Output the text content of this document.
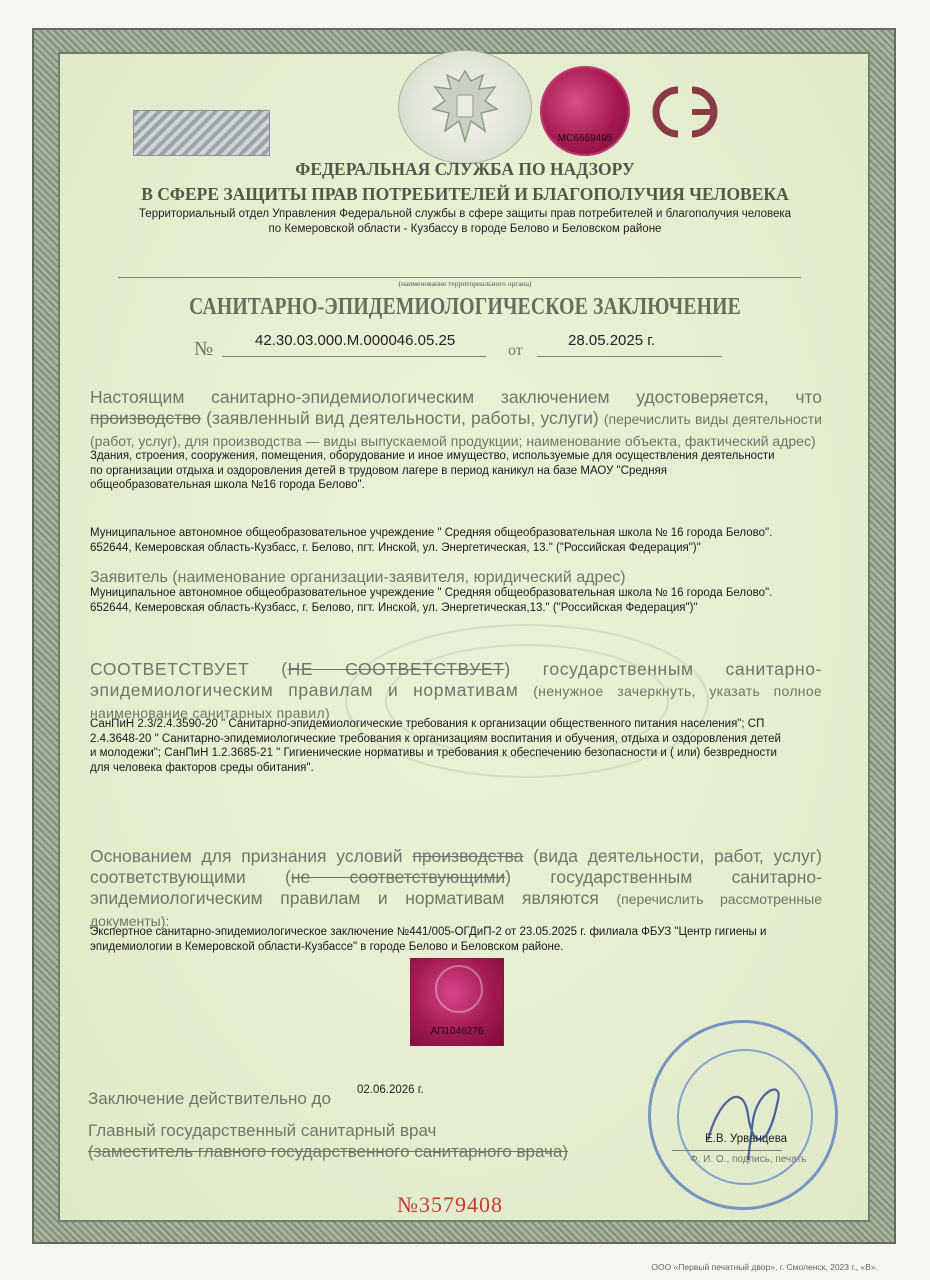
MC6669495
ФЕДЕРАЛЬНАЯ СЛУЖБА ПО НАДЗОРУ
В СФЕРЕ ЗАЩИТЫ ПРАВ ПОТРЕБИТЕЛЕЙ И БЛАГОПОЛУЧИЯ ЧЕЛОВЕКА
Территориальный отдел Управления Федеральной службы в сфере защиты прав потребителей и благополучия человека
по Кемеровской области - Кузбассу в городе Белово и Беловском районе
(наименование территориального органа)
САНИТАРНО-ЭПИДЕМИОЛОГИЧЕСКОЕ ЗАКЛЮЧЕНИЕ
№	42.30.03.000.М.000046.05.25
от
28.05.2025 г.
Настоящим санитарно-эпидемиологическим заключением удостоверяется, что производство (заявленный вид деятельности, работы, услуги) (перечислить виды деятельности (работ, услуг), для производства — виды выпускаемой продукции; наименование объекта, фактический адрес)
Здания, строения, сооружения, помещения, оборудование и иное имущество, используемые для осуществления деятельности по организации отдыха и оздоровления детей в трудовом лагере в период каникул на базе МАОУ "Средняя общеобразовательная школа №16 города Белово".
Муниципальное автономное общеобразовательное учреждение " Средняя общеобразовательная школа № 16 города Белово". 652644, Кемеровская область-Кузбасс, г. Белово, пгт. Инской, ул. Энергетическая, 13." ("Российская Федерация")"
Заявитель (наименование организации-заявителя, юридический адрес)
Муниципальное автономное общеобразовательное учреждение " Средняя общеобразовательная школа № 16 города Белово". 652644, Кемеровская область-Кузбасс, г. Белово, пгт. Инской, ул. Энергетическая,13." ("Российская Федерация")"
СООТВЕТСТВУЕТ (НЕ СООТВЕТСТВУЕТ) государственным санитарно-эпидемиологическим правилам и нормативам (ненужное зачеркнуть, указать полное наименование санитарных правил)
СанПиН 2.3/2.4.3590-20 " Санитарно-эпидемиологические требования к организации общественного питания населения"; СП 2.4.3648-20 " Санитарно-эпидемиологические требования к организациям воспитания и обучения, отдыха и оздоровления детей и молодежи"; СанПиН 1.2.3685-21 " Гигиенические нормативы и требования к обеспечению безопасности и ( или) безвредности для человека факторов среды обитания".
Основанием для признания условий производства (вида деятельности, работ, услуг) соответствующими (не соответствующими) государственным санитарно-эпидемиологическим правилам и нормативам являются (перечислить рассмотренные документы):
Экспертное санитарно-эпидемиологическое заключение №441/005-ОГДиП-2 от 23.05.2025 г. филиала ФБУЗ "Центр гигиены и эпидемиологии в Кемеровской области-Кузбассе" в городе Белово и Беловском районе.
АП1046276
Заключение действительно до 02.06.2026 г.
Главный государственный санитарный врач
(заместитель главного государственного санитарного врача)
Е.В. Урванцева
Ф. И. О., подпись, печать
№3579408
ООО «Первый печатный двор», г. Смоленск, 2023 г., «В».
